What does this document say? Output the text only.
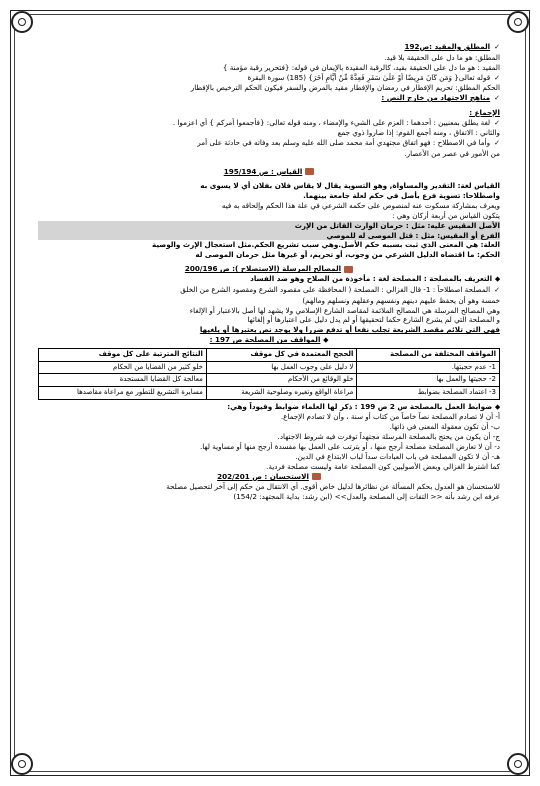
✓المطلق والمقيد :ص192
المطلق: هو ما دل على الحقيقة بلا قيد.
المقيد : هو ما دل على الحقيقة بقيد، كالرقبة المقيدة بالإيمان في قوله: {فتحرير رقبة مؤمنة }
✓قوله تعالى{ وَمَن كَانَ مَرِيضًا أَوْ عَلَىٰ سَفَرٍ فَعِدَّةٌ مِّنْ أَيَّامٍ أُخَرَ} (185) سورة البقرة
الحكم المطلق: تحريم الإفطار في رمضان والإفطار مقيد بالمرض والسفر فيكون الحكم الترخيص بالإفطار
✓مناهج الاجتهاد من خارج النص :
الإجماع :
✓لغة يطلق بمعنيين : أحدهما : العزم على الشيء والإمضاء ، ومنه قوله تعالى: {فأجمعوا أمركم } أي اعزموا .
والثاني : الاتفاق ، ومنه أجمع القوم: إذا صاروا ذوي جمع
✓وأما في الاصطلاح : فهو اتفاق مجتهدي أمة محمد صلى الله عليه وسلم بعد وفاته في حادثة على أمر
من الأمور في عصر من الأعصار.
القياس : ص 195/194
القياس لغة: التقدير والمساواة, وهو التسوية يقال لا يقاس فلان بفلان أي لا يسوى به
واصطلاحا: تسوية فرع بأصل في حكم لعلة جامعة بينهما.
ويعرف بمشاركة مسكوت عنه لمنصوص على حكمه الشرعي في علة هذا الحكم وإلحاقه به فيه
يتكون القياس من أربعة أركان وهي :
الأصل المقيس عليه: مثل : حرمان الوارث القاتل من الإرث
الفرع أو المقيس: مثل : قتل الموصى له للموصي
العلة: هي المعنى الذي ثبت بسببه حكم الأصل.وهي سبب تشريع الحكم.مثل استعجال الإرث والوصية
الحكم: ما اقتضاه الدليل الشرعي من وجوب، أو تحريم، أو غيرها مثل حرمان الموصى له
المصالح المرسلة (الاستصلاح ): ص 200/196
⬥التعريف بالمصلحة : المصلحة لغة : مأخوذة من الصلاح وهو ضد الفساد
✓المصلحة اصطلاحاً : 1- قال الغزالي : المصلحة ( المحافظة على مقصود الشرع ومقصود الشرع من الخلق
خمسة وهو أن يحفظ عليهم دينهم ونفسهم وعقلهم ونسلهم ومالهم)
وهي المصالح المرسلة هي المصالح الملائمة لمقاصد الشارع الإسلامي ولا يشهد لها أصل بالاعتبار أو الإلغاء
و المصلحة التي لم يشرع الشارع حكما لتحقيقها أو لم يدل دليل على اعتبارها أو إلغائها
فهي التي تلائم مقصد الشريعة تجلب نفعا أو تدفع ضررا ولا يوجد نص يعتبرها أو يلغيها
⬥المواقف من المصلحة ص 197 :
المواقف المختلفة من المصلحة	الحجج المعتمدة في كل موقف	النتائج المترتبة على كل موقف
1- عدم حجيتها.	لا دليل على وجوب العمل بها	خلو كثير من القضايا من الحكام
2- حجيتها والعمل بها	خلو الوقائع من الأحكام	معالجة كل القضايا المستجدة
3- اعتماد المصلحة بضوابط	مراعاة الواقع وتغيره وصلوحية الشريعة	مسايرة التشريع للتطور مع مراعاة مقاصدها
⬥ضوابط العمل بالمصلحة س 2 ص 199 : ذكر لها العلماء ضوابط وقيوداً وهي:
أ- أن لا تصادم المصلحة نصاً خاصاً من كتاب أو سنة ، وأن لا تصادم الإجماع.
ب- أن تكون معقولة المعنى في ذاتها.
ج- أن يكون من يحتج بالمصلحة المرسلة مجتهداً توفرت فيه شروط الاجتهاد.
د- أن لا تعارض المصلحة مصلحة أرجح منها ، أو يترتب على العمل بها مفسدة أرجح منها أو مساوية لها.
هـ- أن لا تكون المصلحة في باب العبادات سداً لباب الابتداع في الدين.
كما اشترط الغزالي وبعض الأصوليين كون المصلحة عامة وليست مصلحة فردية.
الاستحسان : ص 202/201
للاستحسان هو العدول بحكم المسألة عن نظائرها لدليل خاص أقوى. أي الانتقال من حكم إلى آخر لتحصيل مصلحة
عرفه ابن رشد بأنه << التفات إلى المصلحة والعدل>> (ابن رشد: بداية المجتهد: 154/2)
